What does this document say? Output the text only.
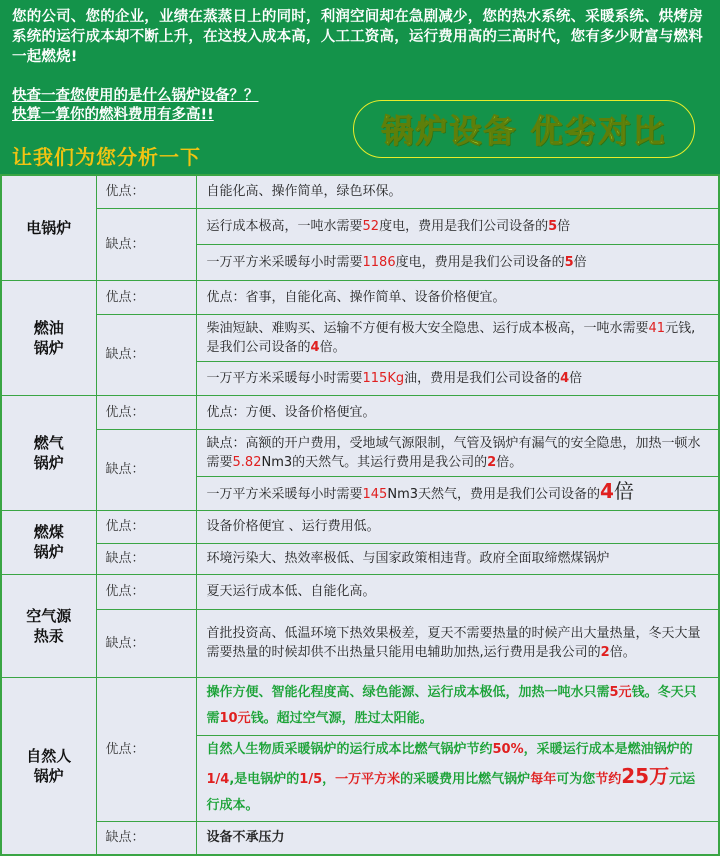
您的公司、您的企业，业绩在蒸蒸日上的同时，利润空间却在急剧减少，您的热水系统、采暖系统、烘烤房系统的运行成本却不断上升，在这投入成本高，人工工资高，运行费用高的三高时代，您有多少财富与燃料一起燃烧!
快查一查您使用的是什么锅炉设备？？
快算一算你的燃料费用有多高!!
让我们为您分析一下
锅炉设备 优劣对比
电锅炉	优点：	自能化高、操作简单，绿色环保。
	缺点：	运行成本极高，一吨水需要52度电，费用是我们公司设备的5倍
		一万平方米采暖每小时需要1186度电，费用是我们公司设备的5倍
燃油锅炉	优点：	优点：省事，自能化高、操作简单、设备价格便宜。
	缺点：	柴油短缺、难购买、运输不方便有极大安全隐患、运行成本极高，一吨水需要41元钱,是我们公司设备的4倍。
		一万平方米采暖每小时需要115Kg油，费用是我们公司设备的4倍
燃气锅炉	优点：	优点：方便、设备价格便宜。
	缺点：	缺点：高额的开户费用，受地域气源限制，气管及锅炉有漏气的安全隐患，加热一顿水需要5.82Nm3的天然气。其运行费用是我公司的2倍。
		一万平方米采暖每小时需要145Nm3天然气，费用是我们公司设备的4倍
燃煤锅炉	优点：	设备价格便宜 、运行费用低。
	缺点：	环境污染大、热效率极低、与国家政策相违背。政府全面取缔燃煤锅炉
空气源热汞	优点：	夏天运行成本低、自能化高。
	缺点：	首批投资高、低温环境下热效果极差，夏天不需要热量的时候产出大量热量，冬天大量 需要热量的时候却供不出热量只能用电辅助加热,运行费用是我公司的2倍。
自然人锅炉	优点：	操作方便、智能化程度高、绿色能源、运行成本极低，加热一吨水只需5元钱。冬天只需10元钱。超过空气源，胜过太阳能。
		自然人生物质采暖锅炉的运行成本比燃气锅炉节约50%，采暖运行成本是燃油锅炉的1/4,是电锅炉的1/5，一万平方米的采暖费用比燃气锅炉每年可为您节约25万元运行成本。
	缺点：	设备不承压力
